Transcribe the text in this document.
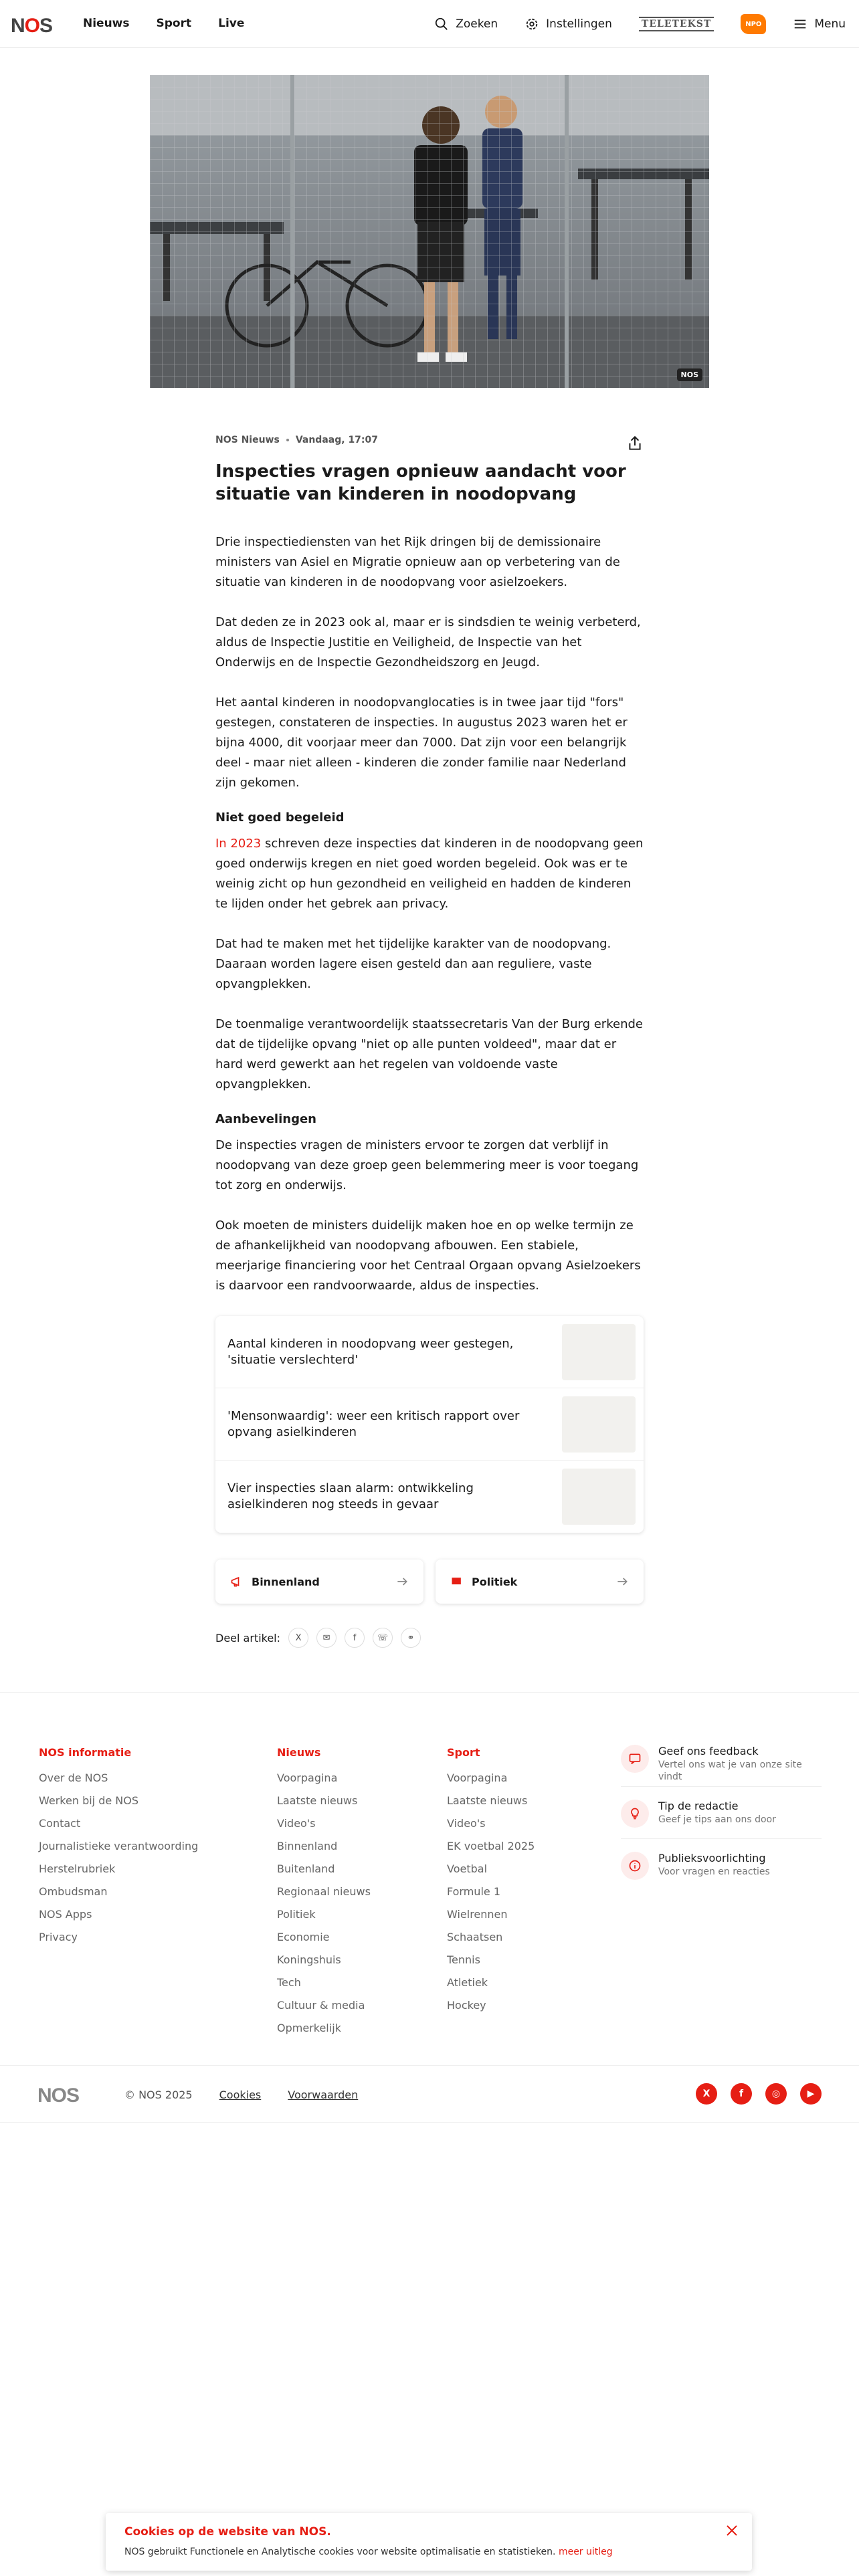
NOS	Nieuws Sport Live	Zoeken	Instellingen	TELETEKST	NPO	Menu
NOS
NOS Nieuws Vandaag, 17:07
Inspecties vragen opnieuw aandacht voor situatie van kinderen in noodopvang

Drie inspectiediensten van het Rijk dringen bij de demissionaire ministers van Asiel en Migratie opnieuw aan op verbetering van de situatie van kinderen in de noodopvang voor asielzoekers.

Dat deden ze in 2023 ook al, maar er is sindsdien te weinig verbeterd, aldus de Inspectie Justitie en Veiligheid, de Inspectie van het Onderwijs en de Inspectie Gezondheidszorg en Jeugd.

Het aantal kinderen in noodopvanglocaties is in twee jaar tijd "fors" gestegen, constateren de inspecties. In augustus 2023 waren het er bijna 4000, dit voorjaar meer dan 7000. Dat zijn voor een belangrijk deel - maar niet alleen - kinderen die zonder familie naar Nederland zijn gekomen.

Niet goed begeleid

In 2023 schreven deze inspecties dat kinderen in de noodopvang geen goed onderwijs kregen en niet goed worden begeleid. Ook was er te weinig zicht op hun gezondheid en veiligheid en hadden de kinderen te lijden onder het gebrek aan privacy.

Dat had te maken met het tijdelijke karakter van de noodopvang. Daaraan worden lagere eisen gesteld dan aan reguliere, vaste opvangplekken.

De toenmalige verantwoordelijk staatssecretaris Van der Burg erkende dat de tijdelijke opvang "niet op alle punten voldeed", maar dat er hard werd gewerkt aan het regelen van voldoende vaste opvangplekken.

Aanbevelingen

De inspecties vragen de ministers ervoor te zorgen dat verblijf in noodopvang van deze groep geen belemmering meer is voor toegang tot zorg en onderwijs.

Ook moeten de ministers duidelijk maken hoe en op welke termijn ze de afhankelijkheid van noodopvang afbouwen. Een stabiele, meerjarige financiering voor het Centraal Orgaan opvang Asielzoekers is daarvoor een randvoorwaarde, aldus de inspecties.

Aantal kinderen in noodopvang weer gestegen, 'situatie verslechterd'
'Mensonwaardig': weer een kritisch rapport over opvang asielkinderen
Vier inspecties slaan alarm: ontwikkeling asielkinderen nog steeds in gevaar
Binnenland	Politiek
Deel artikel:	X	✉	f	☏	⚭
NOS informatie
Over de NOS
Werken bij de NOS
Contact
Journalistieke verantwoording
Herstelrubriek
Ombudsman
NOS Apps
Privacy
Nieuws
Voorpagina
Laatste nieuws
Video's
Binnenland
Buitenland
Regionaal nieuws
Politiek
Economie
Koningshuis
Tech
Cultuur & media
Opmerkelijk
Sport
Voorpagina
Laatste nieuws
Video's
EK voetbal 2025
Voetbal
Formule 1
Wielrennen
Schaatsen
Tennis
Atletiek
Hockey
Geef ons feedback
Vertel ons wat je van onze site vindt
Tip de redactie
Geef je tips aan ons door
Publieksvoorlichting
Voor vragen en reacties
NOS	© NOS 2025	Cookies	Voorwaarden	X	f	◎	▶
Cookies op de website van NOS.
NOS gebruikt Functionele en Analytische cookies voor website optimalisatie en statistieken. meer uitleg
